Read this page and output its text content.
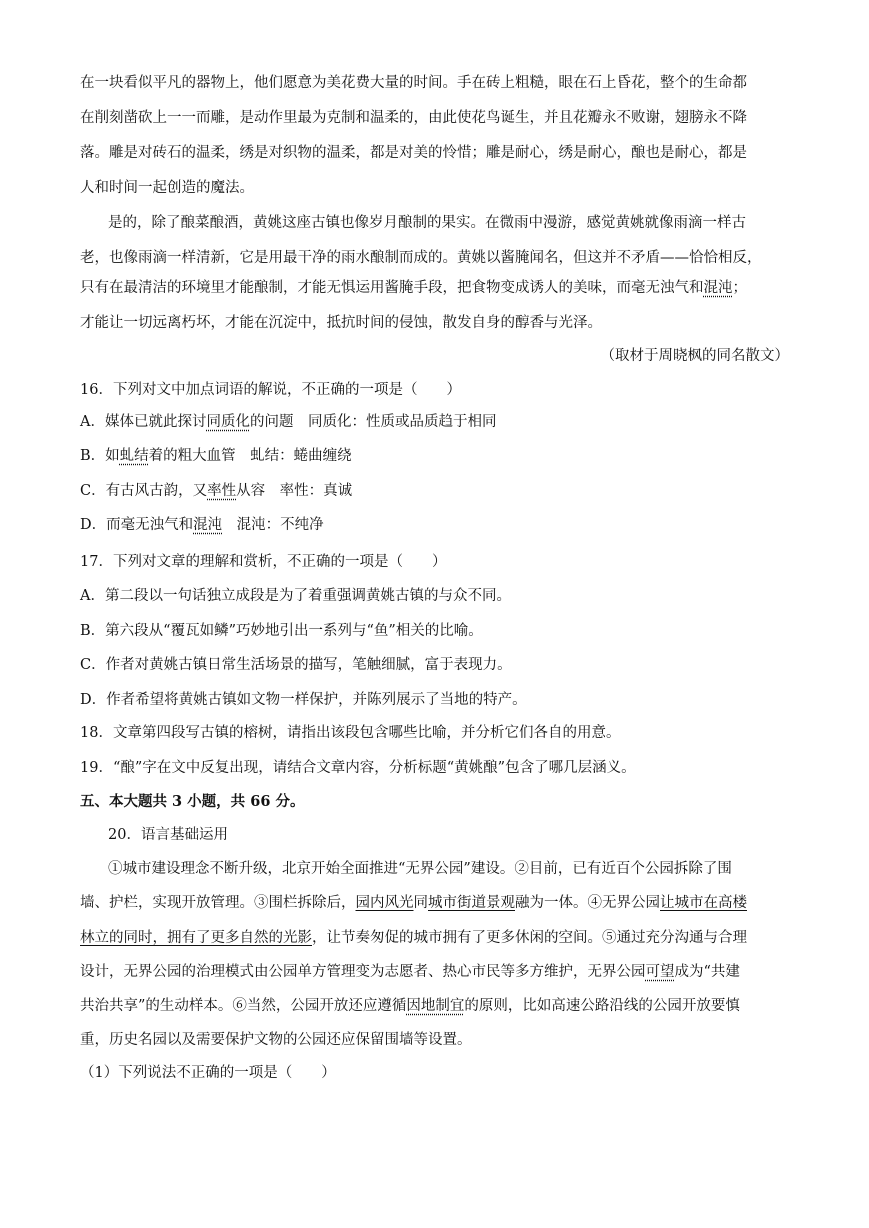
在一块看似平凡的器物上，他们愿意为美花费大量的时间。手在砖上粗糙，眼在石上昏花，整个的生命都
在削刻凿砍上一一而雕，是动作里最为克制和温柔的，由此使花鸟诞生，并且花瓣永不败谢，翅膀永不降
落。雕是对砖石的温柔，绣是对织物的温柔，都是对美的怜惜；雕是耐心，绣是耐心，酿也是耐心，都是
人和时间一起创造的魔法。
是的，除了酿菜酿酒，黄姚这座古镇也像岁月酿制的果实。在微雨中漫游，感觉黄姚就像雨滴一样古
老，也像雨滴一样清新，它是用最干净的雨水酿制而成的。黄姚以酱腌闻名，但这并不矛盾——恰恰相反，
只有在最清洁的环境里才能酿制，才能无惧运用酱腌手段，把食物变成诱人的美味，而毫无浊气和混沌；
才能让一切远离朽坏，才能在沉淀中，抵抗时间的侵蚀，散发自身的醇香与光泽。
（取材于周晓枫的同名散文）
16．下列对文中加点词语的解说，不正确的一项是（　　）
A．媒体已就此探讨同质化的问题　同质化：性质或品质趋于相同
B．如虬结着的粗大血管　虬结：蜷曲缠绕
C．有古风古韵，又率性从容　率性：真诚
D．而毫无浊气和混沌　混沌：不纯净
17．下列对文章的理解和赏析，不正确的一项是（　　）
A．第二段以一句话独立成段是为了着重强调黄姚古镇的与众不同。
B．第六段从“覆瓦如鳞”巧妙地引出一系列与“鱼”相关的比喻。
C．作者对黄姚古镇日常生活场景的描写，笔触细腻，富于表现力。
D．作者希望将黄姚古镇如文物一样保护，并陈列展示了当地的特产。
18．文章第四段写古镇的榕树，请指出该段包含哪些比喻，并分析它们各自的用意。
19．“酿”字在文中反复出现，请结合文章内容，分析标题“黄姚酿”包含了哪几层涵义。
五、本大题共 3 小题，共 66 分。
20．语言基础运用
①城市建设理念不断升级，北京开始全面推进“无界公园”建设。②目前，已有近百个公园拆除了围
墙、护栏，实现开放管理。③围栏拆除后，园内风光同城市街道景观融为一体。④无界公园让城市在高楼
林立的同时，拥有了更多自然的光影，让节奏匆促的城市拥有了更多休闲的空间。⑤通过充分沟通与合理
设计，无界公园的治理模式由公园单方管理变为志愿者、热心市民等多方维护，无界公园可望成为“共建
共治共享”的生动样本。⑥当然，公园开放还应遵循因地制宜的原则，比如高速公路沿线的公园开放要慎
重，历史名园以及需要保护文物的公园还应保留围墙等设置。
（1）下列说法不正确的一项是（　　）
